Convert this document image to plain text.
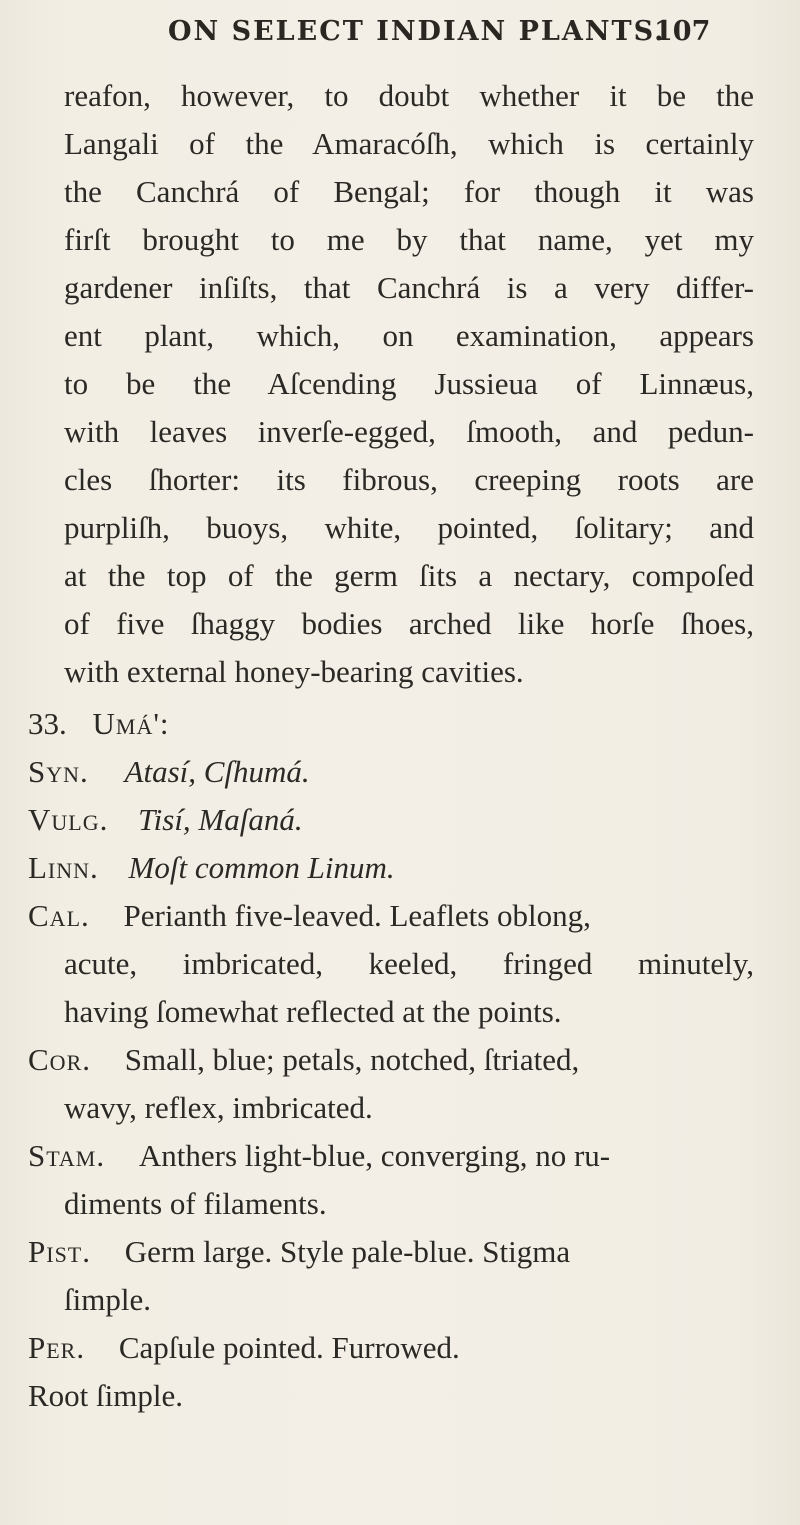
ON SELECT INDIAN PLANTS.
107
reafon, however, to doubt whether it be the
Langali of the Amaracóſh, which is certainly
the Canchrá of Bengal; for though it was
firſt brought to me by that name, yet my
gardener inſiſts, that Canchrá is a very differ-
ent plant, which, on examination, appears
to be the Aſcending Jussieua of Linnæus,
with leaves inverſe-egged, ſmooth, and pedun-
cles ſhorter: its fibrous, creeping roots are
purpliſh, buoys, white, pointed, ſolitary; and
at the top of the germ ſits a nectary, compoſed
of five ſhaggy bodies arched like horſe ſhoes,
with external honey-bearing cavities.
33. Umá':
Syn. Atasí, Cſhumá.
Vulg. Tisí, Maſaná.
Linn. Moſt common Linum.
Cal. Perianth five-leaved. Leaflets oblong,
acute, imbricated, keeled, fringed minutely,
having ſomewhat reflected at the points.
Cor. Small, blue; petals, notched, ſtriated,
wavy, reflex, imbricated.
Stam. Anthers light-blue, converging, no ru-
diments of filaments.
Pist. Germ large. Style pale-blue. Stigma
ſimple.
Per. Capſule pointed. Furrowed.
Root ſimple.
